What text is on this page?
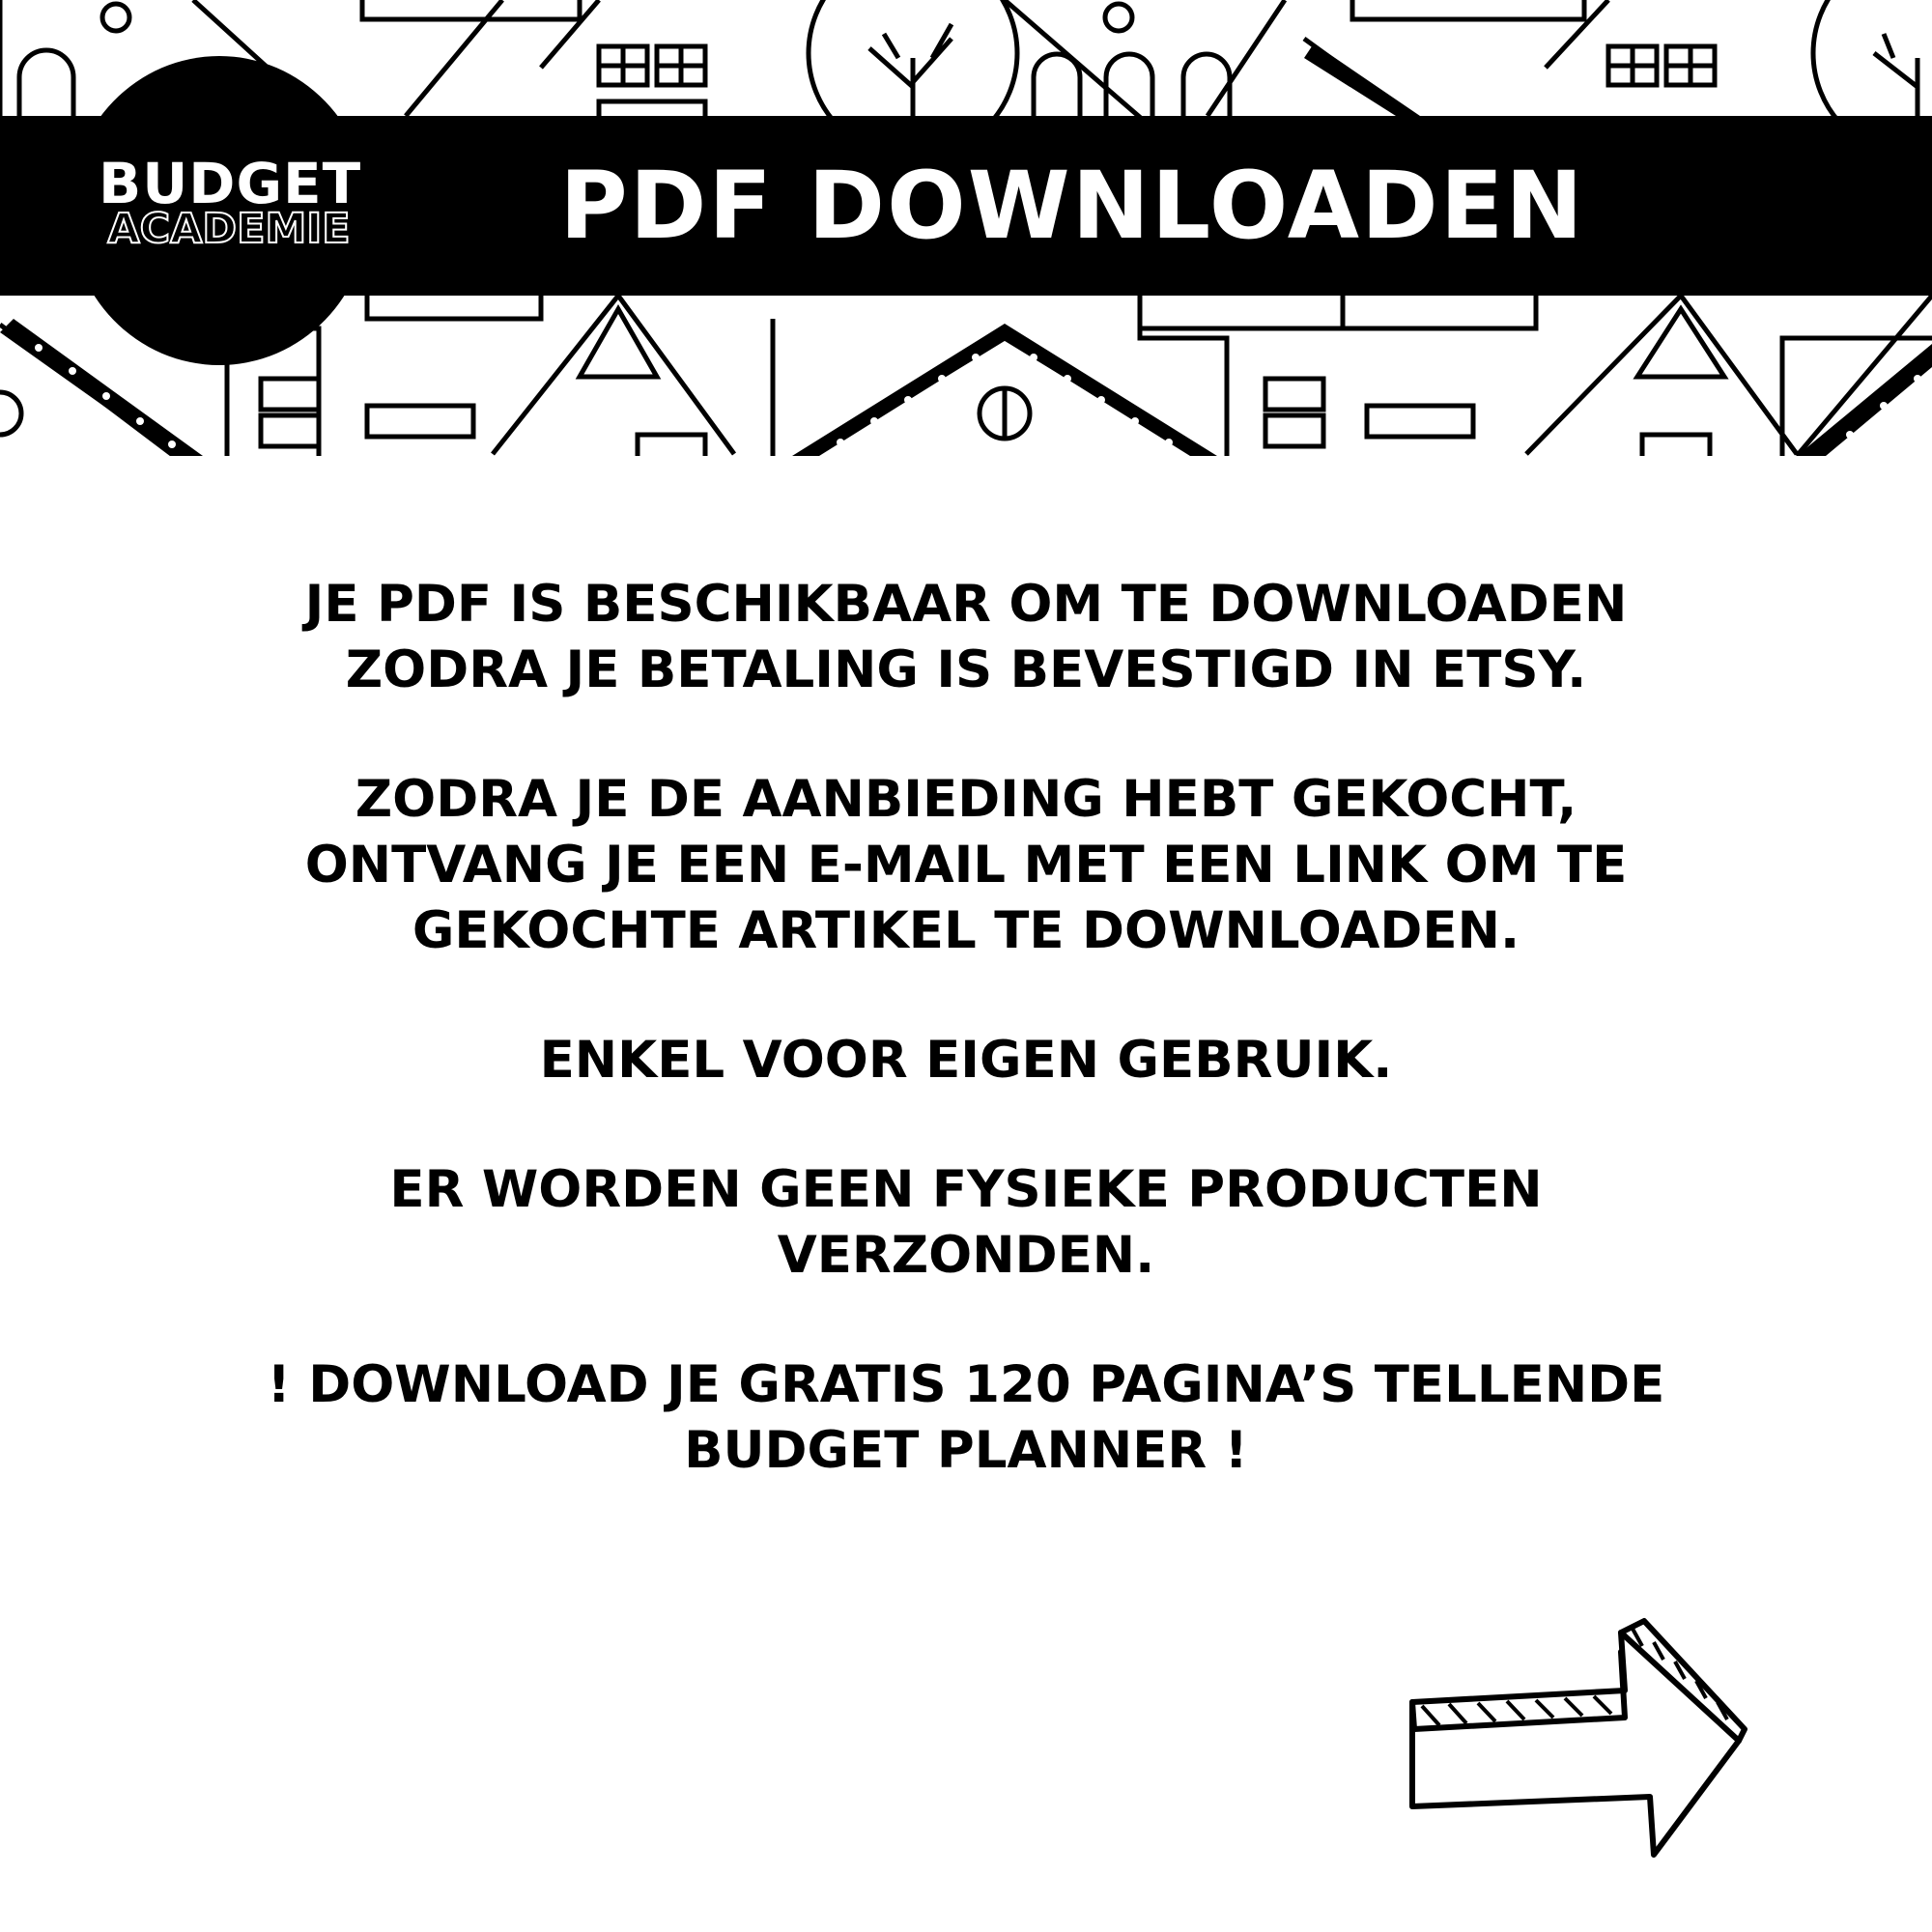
PDF DOWNLOADEN
BUDGET
ACADEMIE

JE PDF IS BESCHIKBAAR OM TE DOWNLOADEN
ZODRA JE BETALING IS BEVESTIGD IN ETSY.

ZODRA JE DE AANBIEDING HEBT GEKOCHT,
ONTVANG JE EEN E-MAIL MET EEN LINK OM TE
GEKOCHTE ARTIKEL TE DOWNLOADEN.

ENKEL VOOR EIGEN GEBRUIK.

ER WORDEN GEEN FYSIEKE PRODUCTEN
VERZONDEN.

! DOWNLOAD JE GRATIS 120 PAGINA’S TELLENDE
BUDGET PLANNER !
